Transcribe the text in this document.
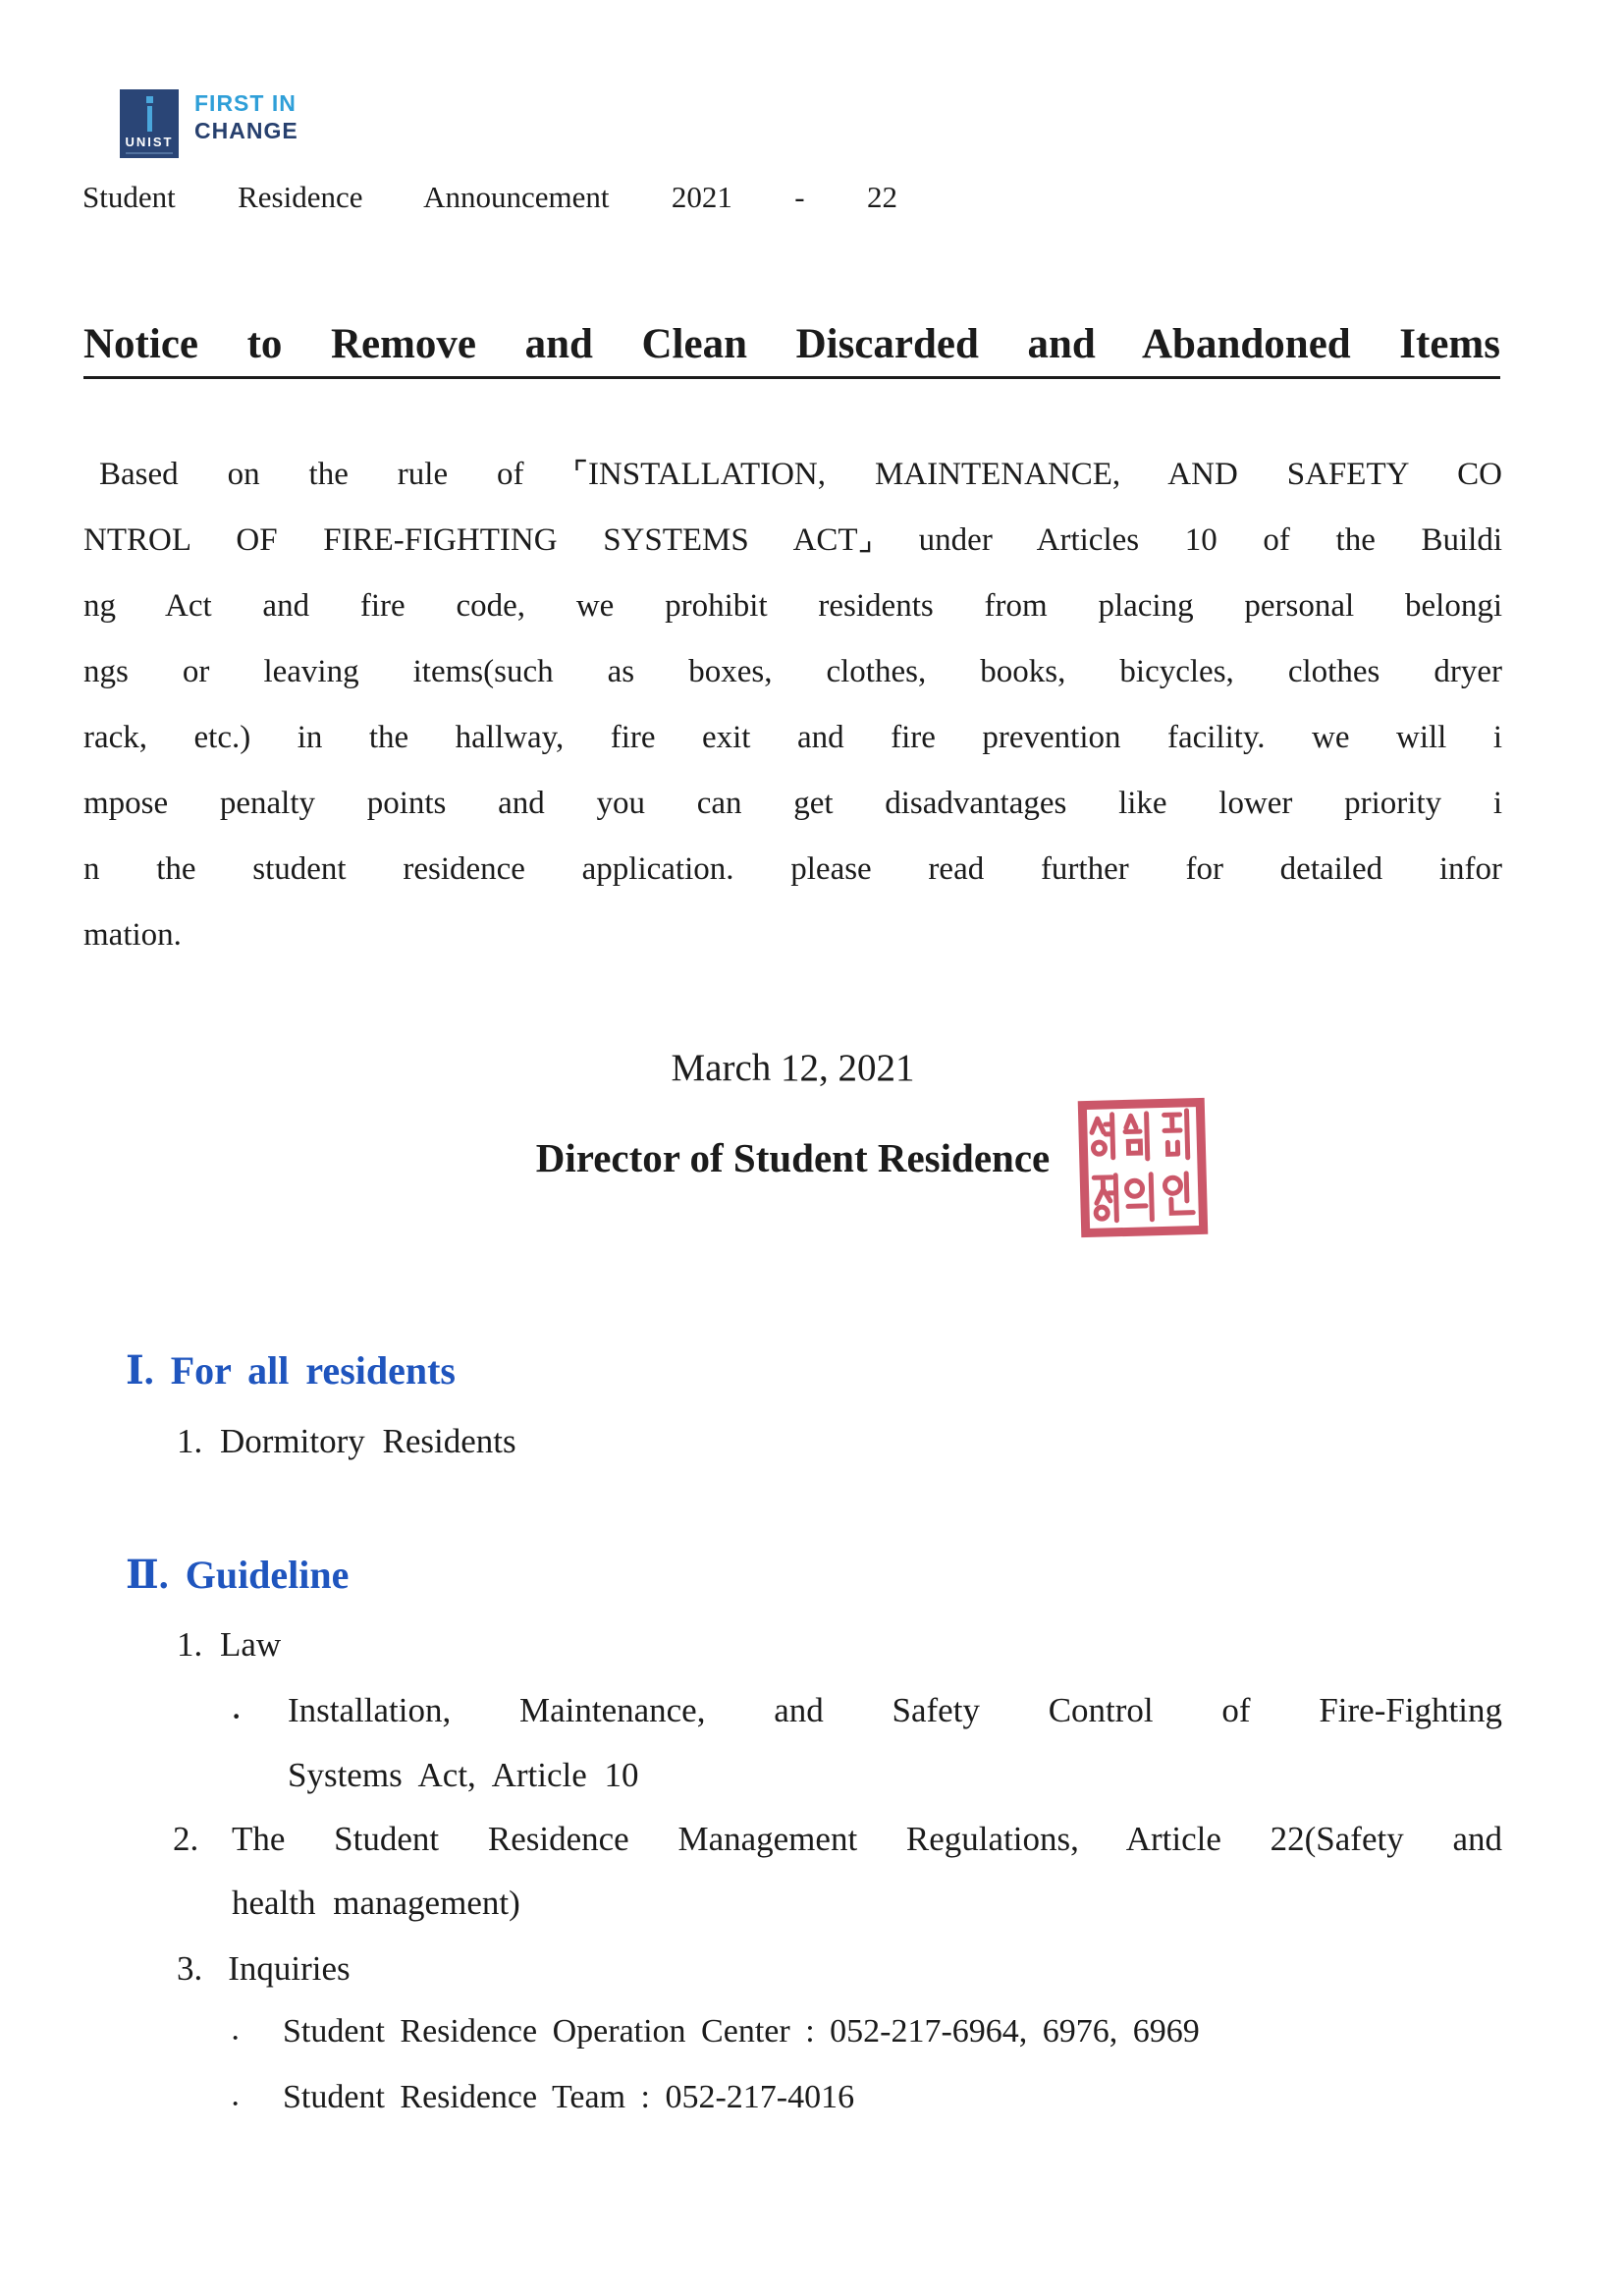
UNIST
FIRST IN
CHANGE
Student Residence Announcement 2021 - 22
Notice to Remove and Clean Discarded and Abandoned Items
Based on the rule of ⌜INSTALLATION, MAINTENANCE, AND SAFETY CO
NTROL OF FIRE-FIGHTING SYSTEMS ACT⌟ under Articles 10 of the Buildi
ng Act and fire code, we prohibit residents from placing personal belongi
ngs or leaving items(such as boxes, clothes, books, bicycles, clothes dryer
rack, etc.) in the hallway, fire exit and fire prevention facility. we will i
mpose penalty points and you can get disadvantages like lower priority i
n the student residence application. please read further for detailed infor
mation.
March 12, 2021
Director of Student Residence
Ⅰ. For all residents
1. Dormitory Residents
Ⅱ. Guideline
1. Law
· Installation, Maintenance, and Safety Control of Fire-Fighting
Systems Act, Article 10
2. The Student Residence Management Regulations, Article 22(Safety and
health management)
3. Inquiries
· Student Residence Operation Center : 052-217-6964, 6976, 6969
· Student Residence Team : 052-217-4016
